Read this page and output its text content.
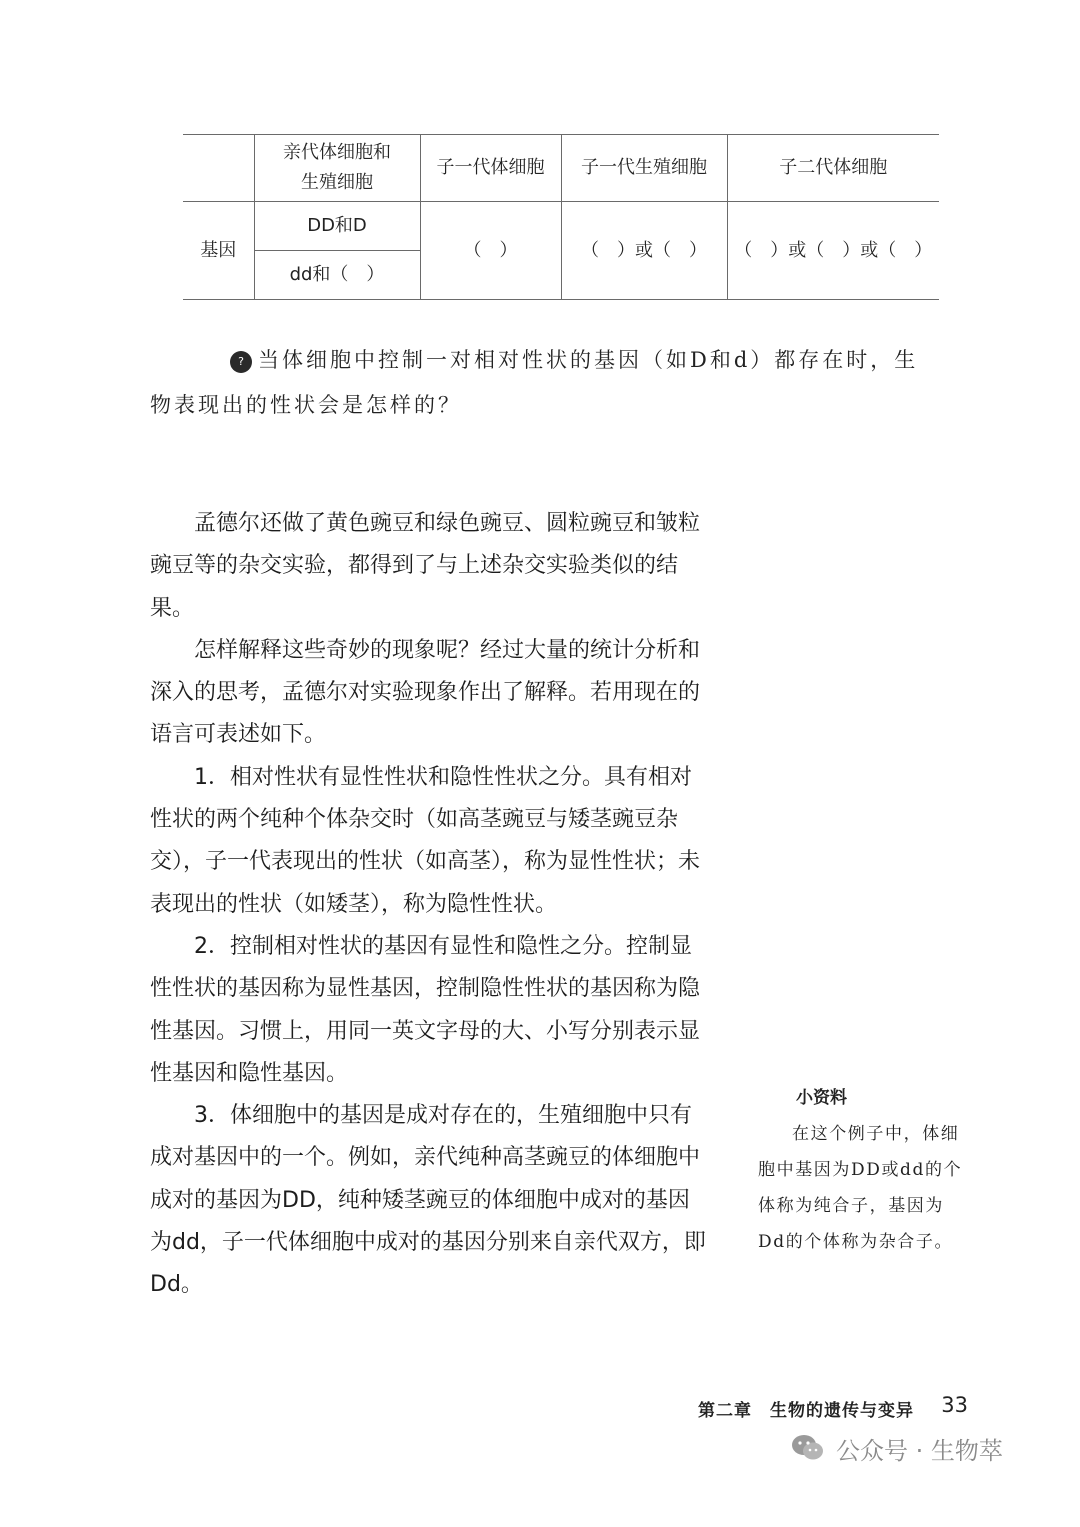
	亲代体细胞和
生殖细胞	子一代体细胞	子一代生殖细胞	子二代体细胞
基因	DD和D	（　）	（　）或（　）	（　）或（　）或（　）
	dd和（　）			
? 当体细胞中控制一对相对性状的基因（如D和d）都存在时，生
物表现出的性状会是怎样的？

孟德尔还做了黄色豌豆和绿色豌豆、圆粒豌豆和皱粒豌豆等的杂交实验，都得到了与上述杂交实验类似的结果。

怎样解释这些奇妙的现象呢？经过大量的统计分析和深入的思考，孟德尔对实验现象作出了解释。若用现在的语言可表述如下。

1．相对性状有显性性状和隐性性状之分。具有相对性状的两个纯种个体杂交时（如高茎豌豆与矮茎豌豆杂交），子一代表现出的性状（如高茎），称为显性性状；未表现出的性状（如矮茎），称为隐性性状。

2．控制相对性状的基因有显性和隐性之分。控制显性性状的基因称为显性基因，控制隐性性状的基因称为隐性基因。习惯上，用同一英文字母的大、小写分别表示显性基因和隐性基因。

3．体细胞中的基因是成对存在的，生殖细胞中只有成对基因中的一个。例如，亲代纯种高茎豌豆的体细胞中成对的基因为DD，纯种矮茎豌豆的体细胞中成对的基因为dd，子一代体细胞中成对的基因分别来自亲代双方，即Dd。

小资料

在这个例子中，体细胞中基因为DD或dd的个体称为纯合子，基因为Dd的个体称为杂合子。

第二章　生物的遗传与变异 33
公众号 · 生物萃
